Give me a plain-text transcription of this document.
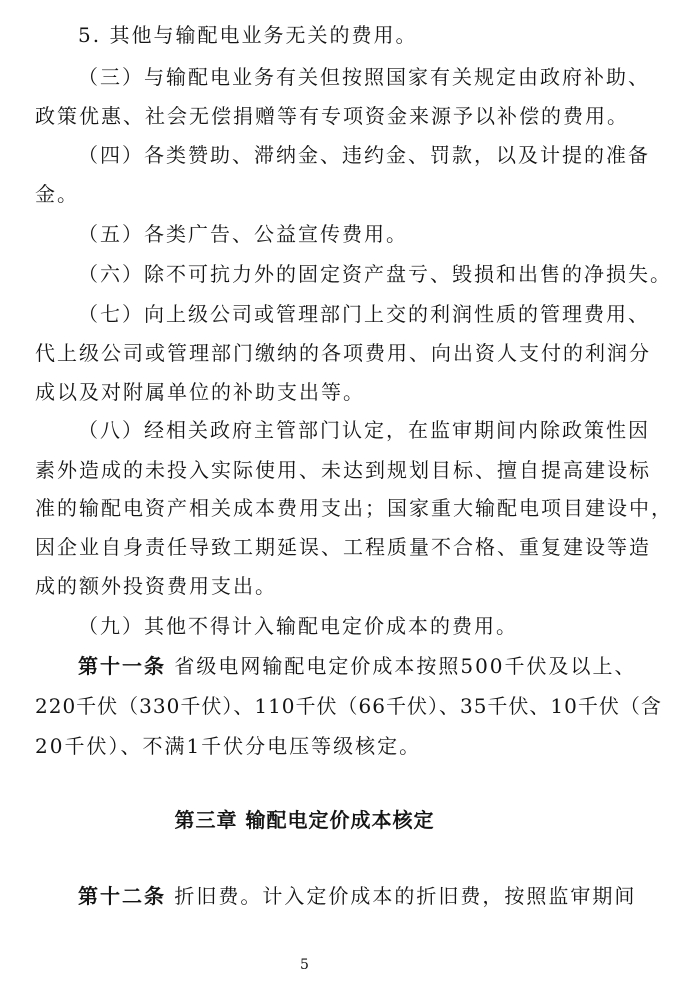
5. 其他与输配电业务无关的费用。
（三）与输配电业务有关但按照国家有关规定由政府补助、
政策优惠、社会无偿捐赠等有专项资金来源予以补偿的费用。
（四）各类赞助、滞纳金、违约金、罚款，以及计提的准备
金。
（五）各类广告、公益宣传费用。
（六）除不可抗力外的固定资产盘亏、毁损和出售的净损失。
（七）向上级公司或管理部门上交的利润性质的管理费用、
代上级公司或管理部门缴纳的各项费用、向出资人支付的利润分
成以及对附属单位的补助支出等。
（八）经相关政府主管部门认定，在监审期间内除政策性因
素外造成的未投入实际使用、未达到规划目标、擅自提高建设标
准的输配电资产相关成本费用支出；国家重大输配电项目建设中，
因企业自身责任导致工期延误、工程质量不合格、重复建设等造
成的额外投资费用支出。
（九）其他不得计入输配电定价成本的费用。
第十一条 省级电网输配电定价成本按照500千伏及以上、
220千伏（330千伏）、110千伏（66千伏）、35千伏、10千伏（含
20千伏）、不满1千伏分电压等级核定。
第三章 输配电定价成本核定
第十二条 折旧费。计入定价成本的折旧费，按照监审期间
5
